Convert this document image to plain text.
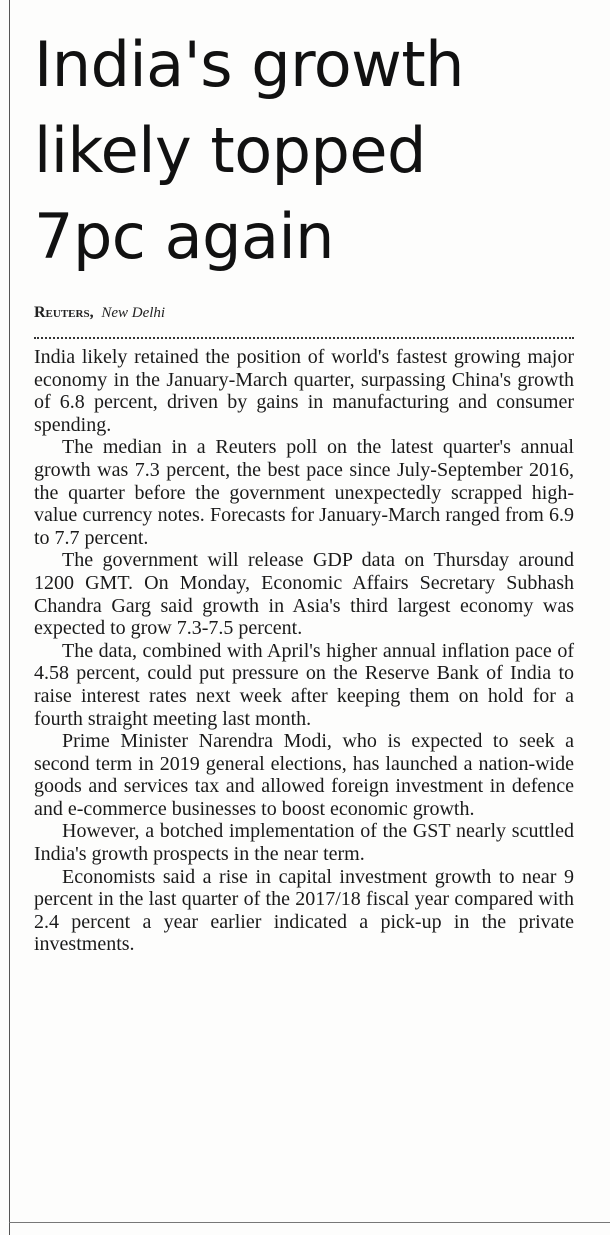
India's growth
likely topped
7pc again
Reuters, New Delhi

India likely retained the position of world's fastest growing major economy in the January-March quarter, surpassing China's growth of 6.8 percent, driven by gains in manufacturing and consumer spending.

The median in a Reuters poll on the latest quarter's annual growth was 7.3 percent, the best pace since July-September 2016, the quarter before the government unexpectedly scrapped high-value currency notes. Forecasts for January-March ranged from 6.9 to 7.7 percent.

The government will release GDP data on Thursday around 1200 GMT. On Monday, Economic Affairs Secretary Subhash Chandra Garg said growth in Asia's third largest economy was expected to grow 7.3-7.5 percent.

The data, combined with April's higher annual inflation pace of 4.58 percent, could put pressure on the Reserve Bank of India to raise interest rates next week after keeping them on hold for a fourth straight meeting last month.

Prime Minister Narendra Modi, who is expected to seek a second term in 2019 general elections, has launched a nation-wide goods and services tax and allowed foreign investment in defence and e-commerce businesses to boost economic growth.

However, a botched implementation of the GST nearly scuttled India's growth prospects in the near term.

Economists said a rise in capital investment growth to near 9 percent in the last quarter of the 2017/18 fiscal year compared with 2.4 percent a year earlier indicated a pick-up in the private investments.
